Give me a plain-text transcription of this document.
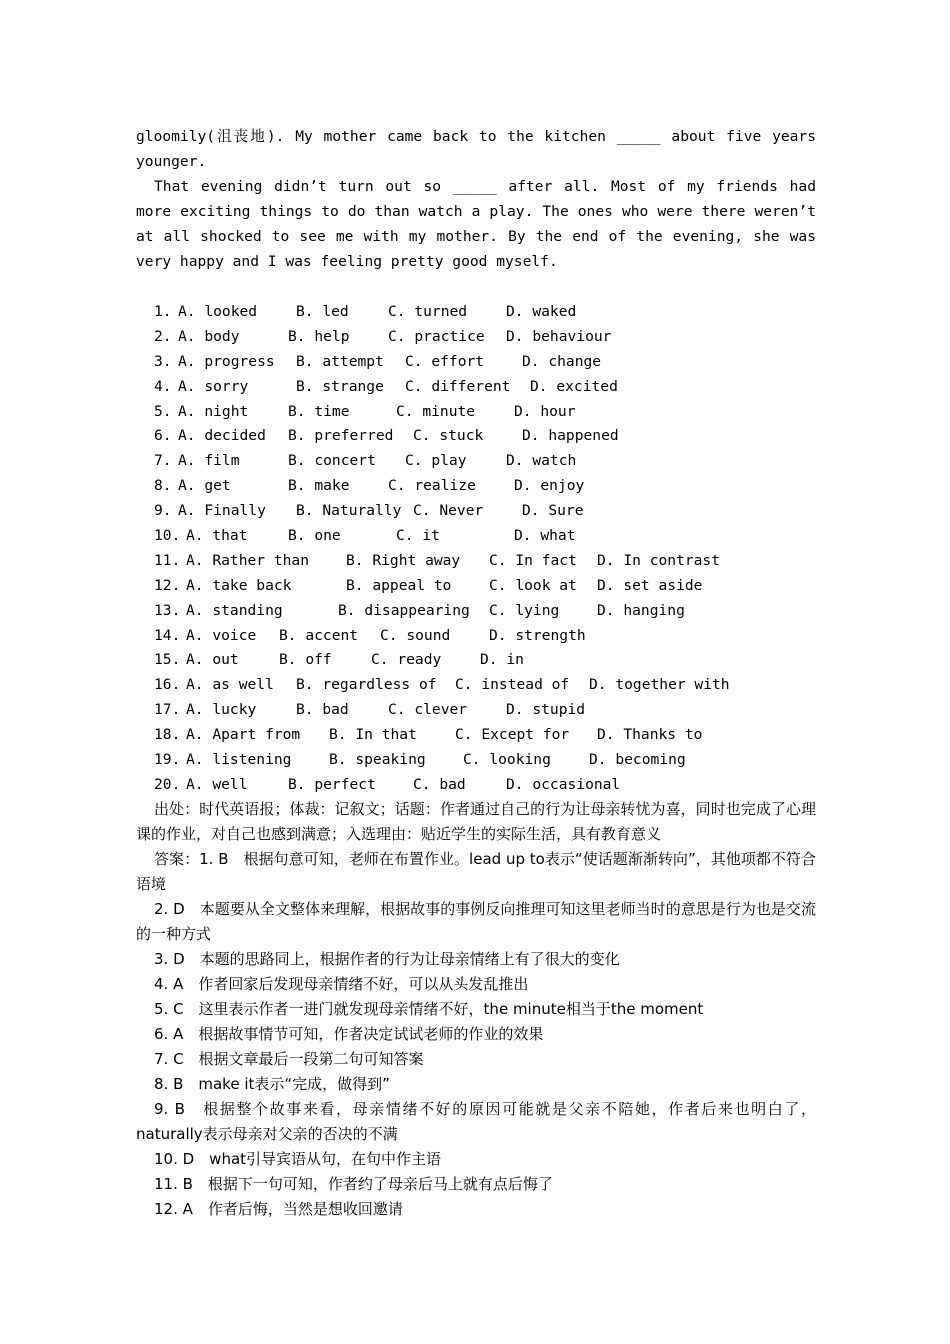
gloomily(沮丧地). My mother came back to the kitchen _____ about five years

younger.

That evening didn’t turn out so _____ after all. Most of my friends had more exciting things to do than watch a play. The ones who were there weren’t at all shocked to see me with my mother. By the end of the evening, she was very happy and I was feeling pretty good myself.

1. A. looked	B. led	C. turned	D. waked
2. A. body	B. help	C. practice D. behaviour
3. A. progress B. attempt C. effort	D. change
4. A. sorry	B. strange C. different D. excited
5. A. night	B. time	C. minute	D. hour
6. A. decided B. preferred C. stuck	D. happened
7. A. film	B. concert C. play	D. watch
8. A. get	B. make	C. realize	D. enjoy
9. A. Finally B. Naturally C. Never	D. Sure
10. A. that	B. one	C. it	D. what
11. A. Rather than	B. Right away C. In fact D. In contrast
12. A. take back	B. appeal to	C. look at D. set aside
13. A. standing	B. disappearing C. lying	D. hanging
14. A. voice B. accent C. sound	D. strength
15. A. out	B. off	C. ready	D. in
16. A. as well B. regardless of C. instead of D. together with
17. A. lucky	B. bad	C. clever	D. stupid
18. A. Apart from B. In that	C. Except for D. Thanks to
19. A. listening	B. speaking	C. looking	D. becoming
20. A. well	B. perfect	C. bad	D. occasional

出处：时代英语报；体裁：记叙文；话题：作者通过自己的行为让母亲转忧为喜，同时也完成了心理课的作业，对自己也感到满意；入选理由：贴近学生的实际生活，具有教育意义

答案：1. B　根据句意可知，老师在布置作业。lead up to表示“使话题渐渐转向”，其他项都不符合语境

2. D　本题要从全文整体来理解，根据故事的事例反向推理可知这里老师当时的意思是行为也是交流的一种方式

3. D　本题的思路同上，根据作者的行为让母亲情绪上有了很大的变化

4. A　作者回家后发现母亲情绪不好，可以从头发乱推出

5. C　这里表示作者一进门就发现母亲情绪不好，the minute相当于the moment

6. A　根据故事情节可知，作者决定试试老师的作业的效果

7. C　根据文章最后一段第二句可知答案

8. B　make it表示“完成，做得到”

9. B　根据整个故事来看，母亲情绪不好的原因可能就是父亲不陪她，作者后来也明白了，naturally表示母亲对父亲的否决的不满

10. D　what引导宾语从句，在句中作主语

11. B　根据下一句可知，作者约了母亲后马上就有点后悔了

12. A　作者后悔，当然是想收回邀请
